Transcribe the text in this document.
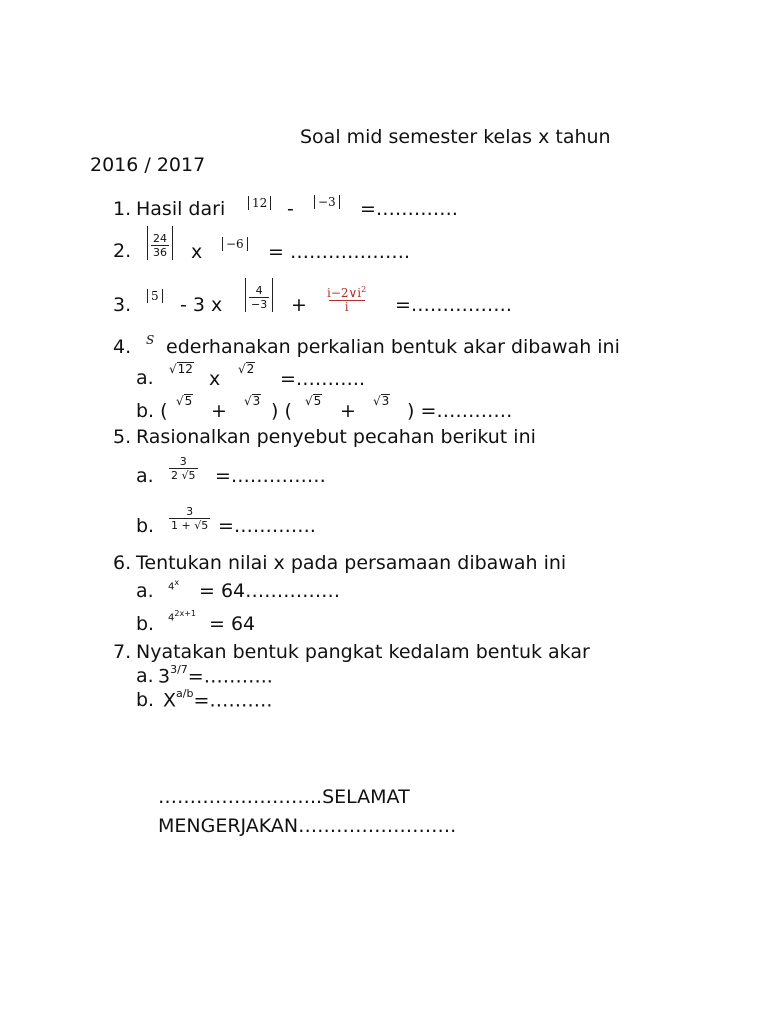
Soal mid semester kelas x tahun
2016 / 2017
1. Hasil dari	12 -	−3 =………….
2. $\frac{24}{36}$ x	−6 = ……………….
3.	5 - 3 x $\frac{4}{-3} + \frac{i-2\vee i^2}{i}$ =…………….
4. S ederhanakan perkalian bentuk akar dibawah ini
a. √ 12 x √ 2 =………..
b. ( √ 5 + √ 3 ) ( √ 5 + √ 3 ) =…………
5. Rasionalkan penyebut pecahan berikut ini
a. $\frac{3}{2 √5}$ =……………
b. $\frac{3}{1 + √5}$ =………….
6. Tentukan nilai x pada persamaan dibawah ini
a. $4^x$ = 64……………
b. $4^{2x+1} = 64$
7. Nyatakan bentuk pangkat kedalam bentuk akar
a. $3^{3/7}=\dots\dots\dots$..
b. $X^{a/b}=\dots\dots\dots$.
……………………..SELAMAT
MENGERJAKAN…………………….
